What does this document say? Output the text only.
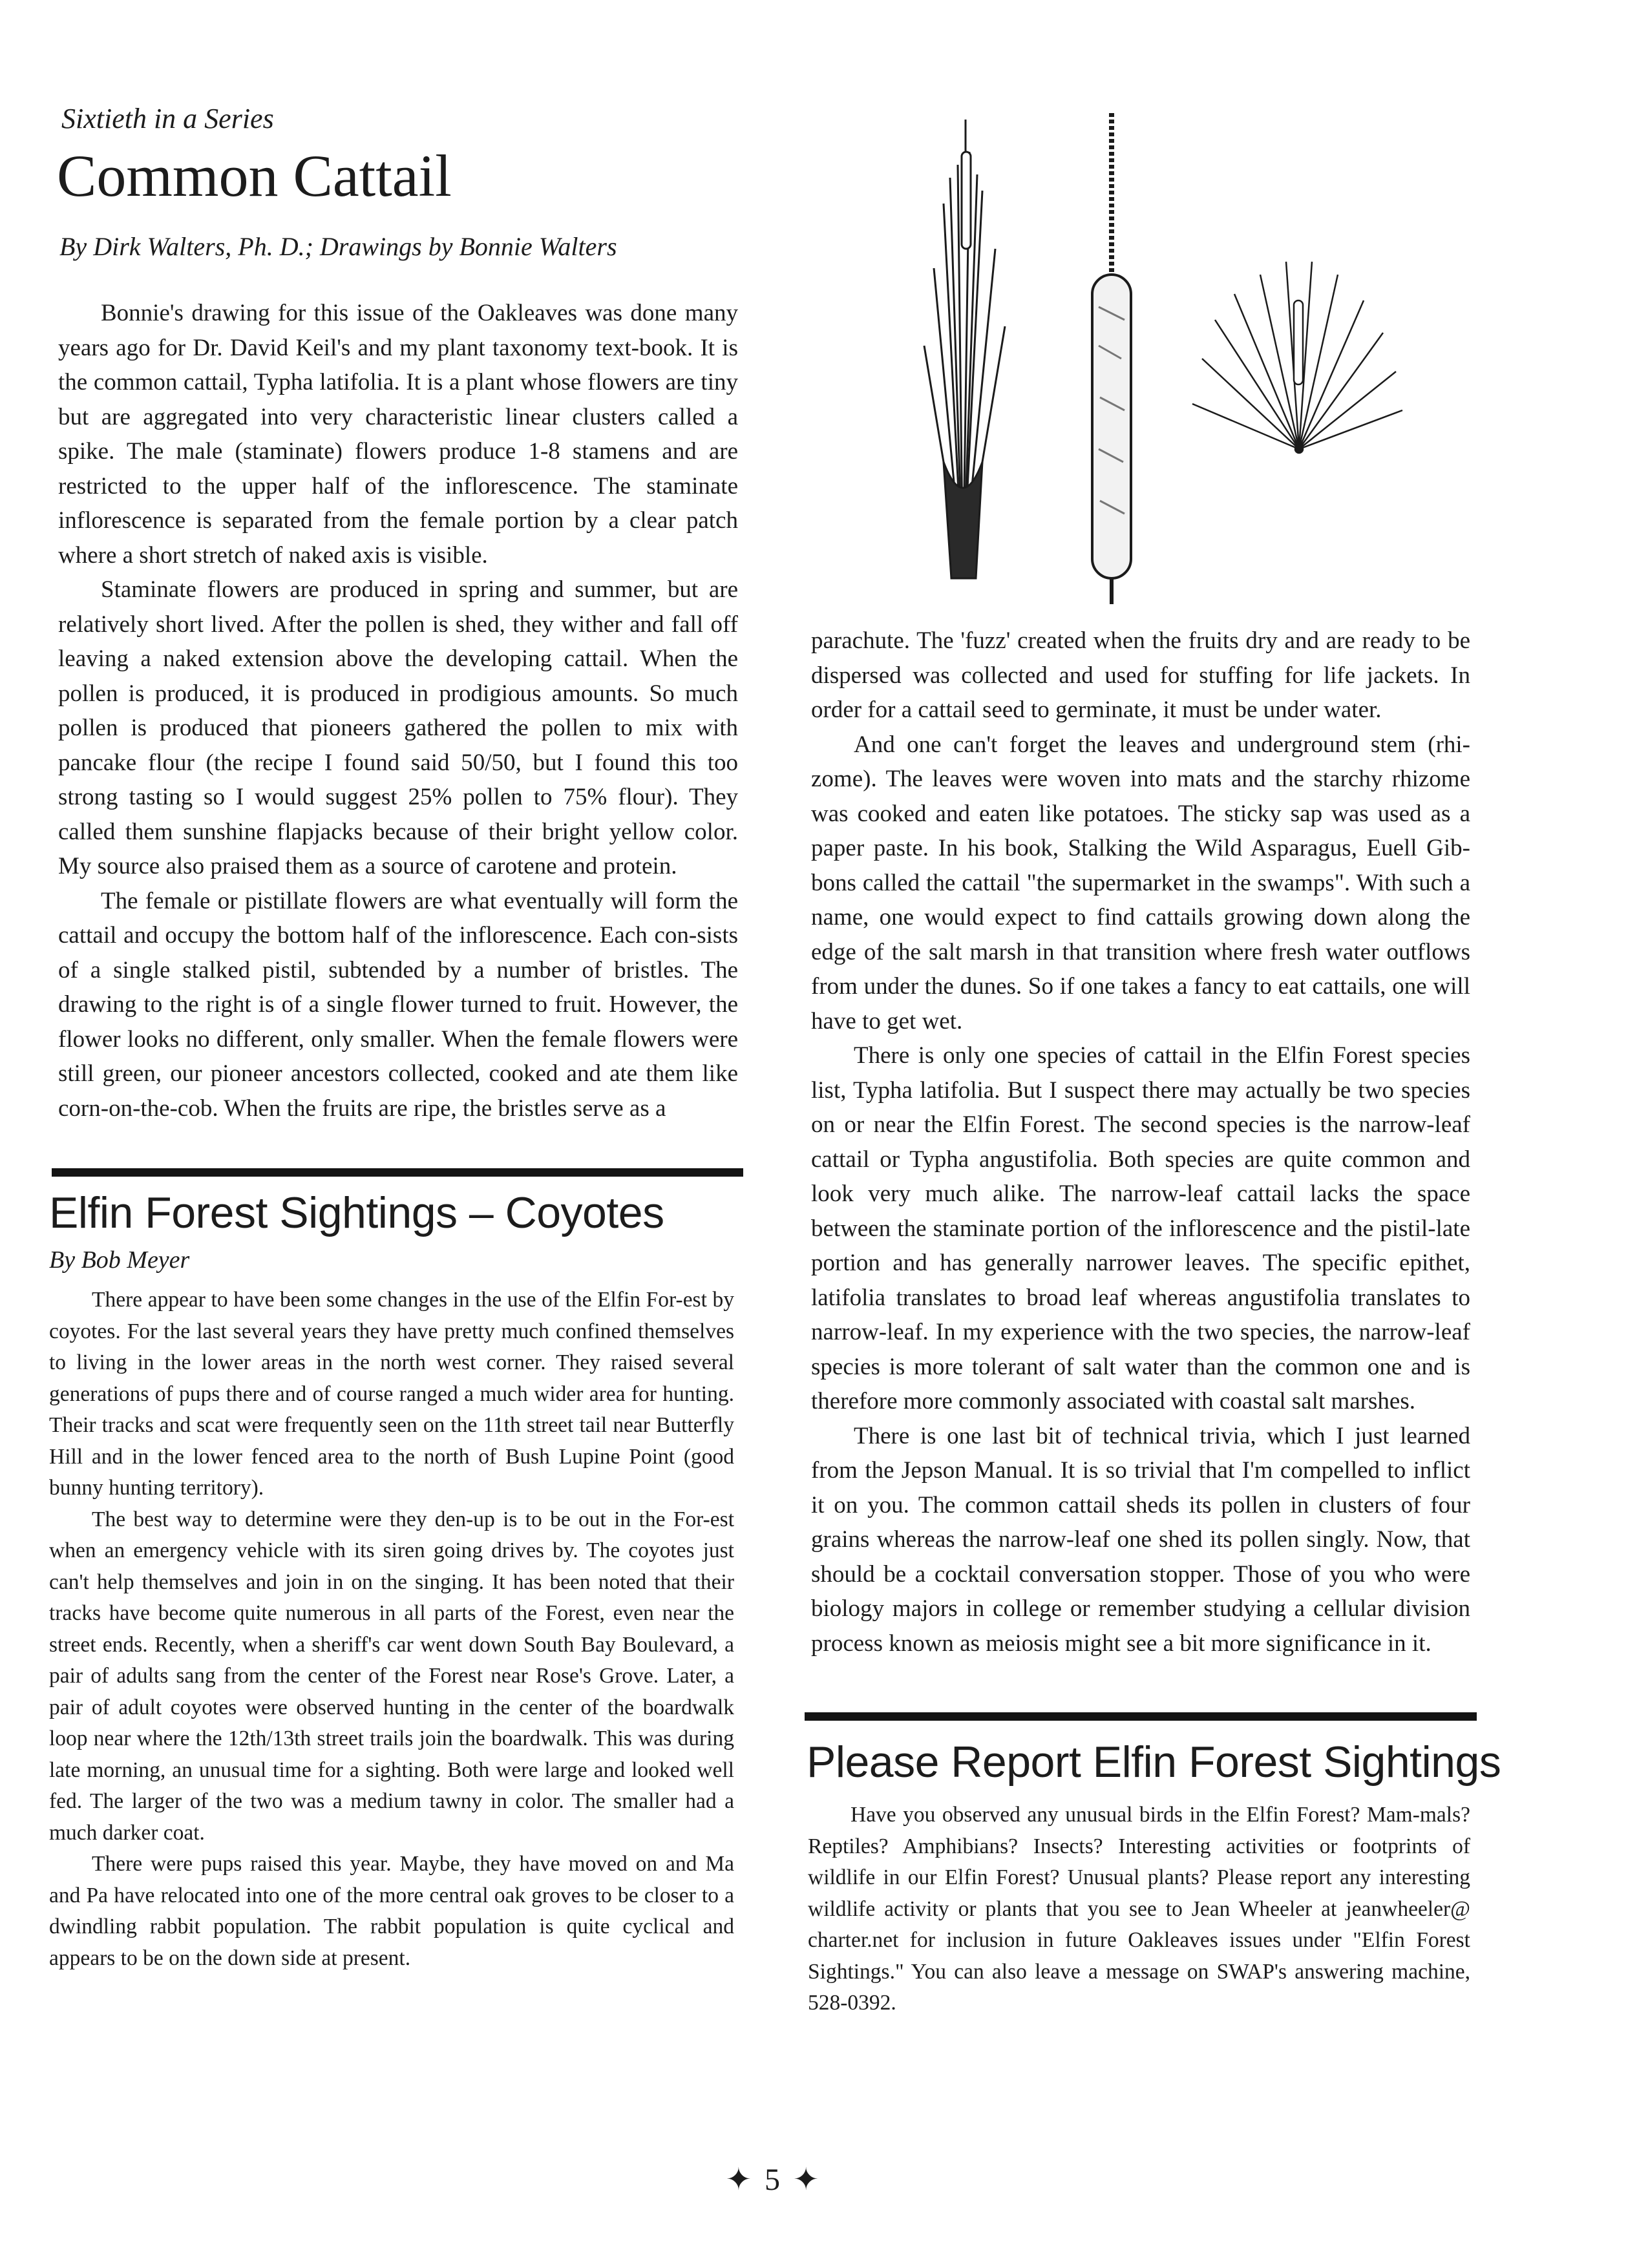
Sixtieth in a Series
Common Cattail
By Dirk Walters, Ph. D.; Drawings by Bonnie Walters

Bonnie's drawing for this issue of the Oakleaves was done many years ago for Dr. David Keil's and my plant taxonomy text-book. It is the common cattail, Typha latifolia. It is a plant whose flowers are tiny but are aggregated into very characteristic linear clusters called a spike. The male (staminate) flowers produce 1-8 stamens and are restricted to the upper half of the inflorescence. The staminate inflorescence is separated from the female portion by a clear patch where a short stretch of naked axis is visible.

Staminate flowers are produced in spring and summer, but are relatively short lived. After the pollen is shed, they wither and fall off leaving a naked extension above the developing cattail. When the pollen is produced, it is produced in prodigious amounts. So much pollen is produced that pioneers gathered the pollen to mix with pancake flour (the recipe I found said 50/50, but I found this too strong tasting so I would suggest 25% pollen to 75% flour). They called them sunshine flapjacks because of their bright yellow color. My source also praised them as a source of carotene and protein.

The female or pistillate flowers are what eventually will form the cattail and occupy the bottom half of the inflorescence. Each con-sists of a single stalked pistil, subtended by a number of bristles. The drawing to the right is of a single flower turned to fruit. However, the flower looks no different, only smaller. When the female flowers were still green, our pioneer ancestors collected, cooked and ate them like corn-on-the-cob. When the fruits are ripe, the bristles serve as a

parachute. The 'fuzz' created when the fruits dry and are ready to be dispersed was collected and used for stuffing for life jackets. In order for a cattail seed to germinate, it must be under water.

And one can't forget the leaves and underground stem (rhi-zome). The leaves were woven into mats and the starchy rhizome was cooked and eaten like potatoes. The sticky sap was used as a paper paste. In his book, Stalking the Wild Asparagus, Euell Gib-bons called the cattail "the supermarket in the swamps". With such a name, one would expect to find cattails growing down along the edge of the salt marsh in that transition where fresh water outflows from under the dunes. So if one takes a fancy to eat cattails, one will have to get wet.

There is only one species of cattail in the Elfin Forest species list, Typha latifolia. But I suspect there may actually be two species on or near the Elfin Forest. The second species is the narrow-leaf cattail or Typha angustifolia. Both species are quite common and look very much alike. The narrow-leaf cattail lacks the space between the staminate portion of the inflorescence and the pistil-late portion and has generally narrower leaves. The specific epithet, latifolia translates to broad leaf whereas angustifolia translates to narrow-leaf. In my experience with the two species, the narrow-leaf species is more tolerant of salt water than the common one and is therefore more commonly associated with coastal salt marshes.

There is one last bit of technical trivia, which I just learned from the Jepson Manual. It is so trivial that I'm compelled to inflict it on you. The common cattail sheds its pollen in clusters of four grains whereas the narrow-leaf one shed its pollen singly. Now, that should be a cocktail conversation stopper. Those of you who were biology majors in college or remember studying a cellular division process known as meiosis might see a bit more significance in it.

Elfin Forest Sightings – Coyotes
By Bob Meyer

There appear to have been some changes in the use of the Elfin For-est by coyotes. For the last several years they have pretty much confined themselves to living in the lower areas in the north west corner. They raised several generations of pups there and of course ranged a much wider area for hunting. Their tracks and scat were frequently seen on the 11th street tail near Butterfly Hill and in the lower fenced area to the north of Bush Lupine Point (good bunny hunting territory).

The best way to determine were they den-up is to be out in the For-est when an emergency vehicle with its siren going drives by. The coyotes just can't help themselves and join in on the singing. It has been noted that their tracks have become quite numerous in all parts of the Forest, even near the street ends. Recently, when a sheriff's car went down South Bay Boulevard, a pair of adults sang from the center of the Forest near Rose's Grove. Later, a pair of adult coyotes were observed hunting in the center of the boardwalk loop near where the 12th/13th street trails join the boardwalk. This was during late morning, an unusual time for a sighting. Both were large and looked well fed. The larger of the two was a medium tawny in color. The smaller had a much darker coat.

There were pups raised this year. Maybe, they have moved on and Ma and Pa have relocated into one of the more central oak groves to be closer to a dwindling rabbit population. The rabbit population is quite cyclical and appears to be on the down side at present.

Please Report Elfin Forest Sightings

Have you observed any unusual birds in the Elfin Forest? Mam-mals? Reptiles? Amphibians? Insects? Interesting activities or footprints of wildlife in our Elfin Forest? Unusual plants? Please report any interesting wildlife activity or plants that you see to Jean Wheeler at jeanwheeler@ charter.net for inclusion in future Oakleaves issues under "Elfin Forest Sightings." You can also leave a message on SWAP's answering machine, 528-0392.

✦ 5 ✦
